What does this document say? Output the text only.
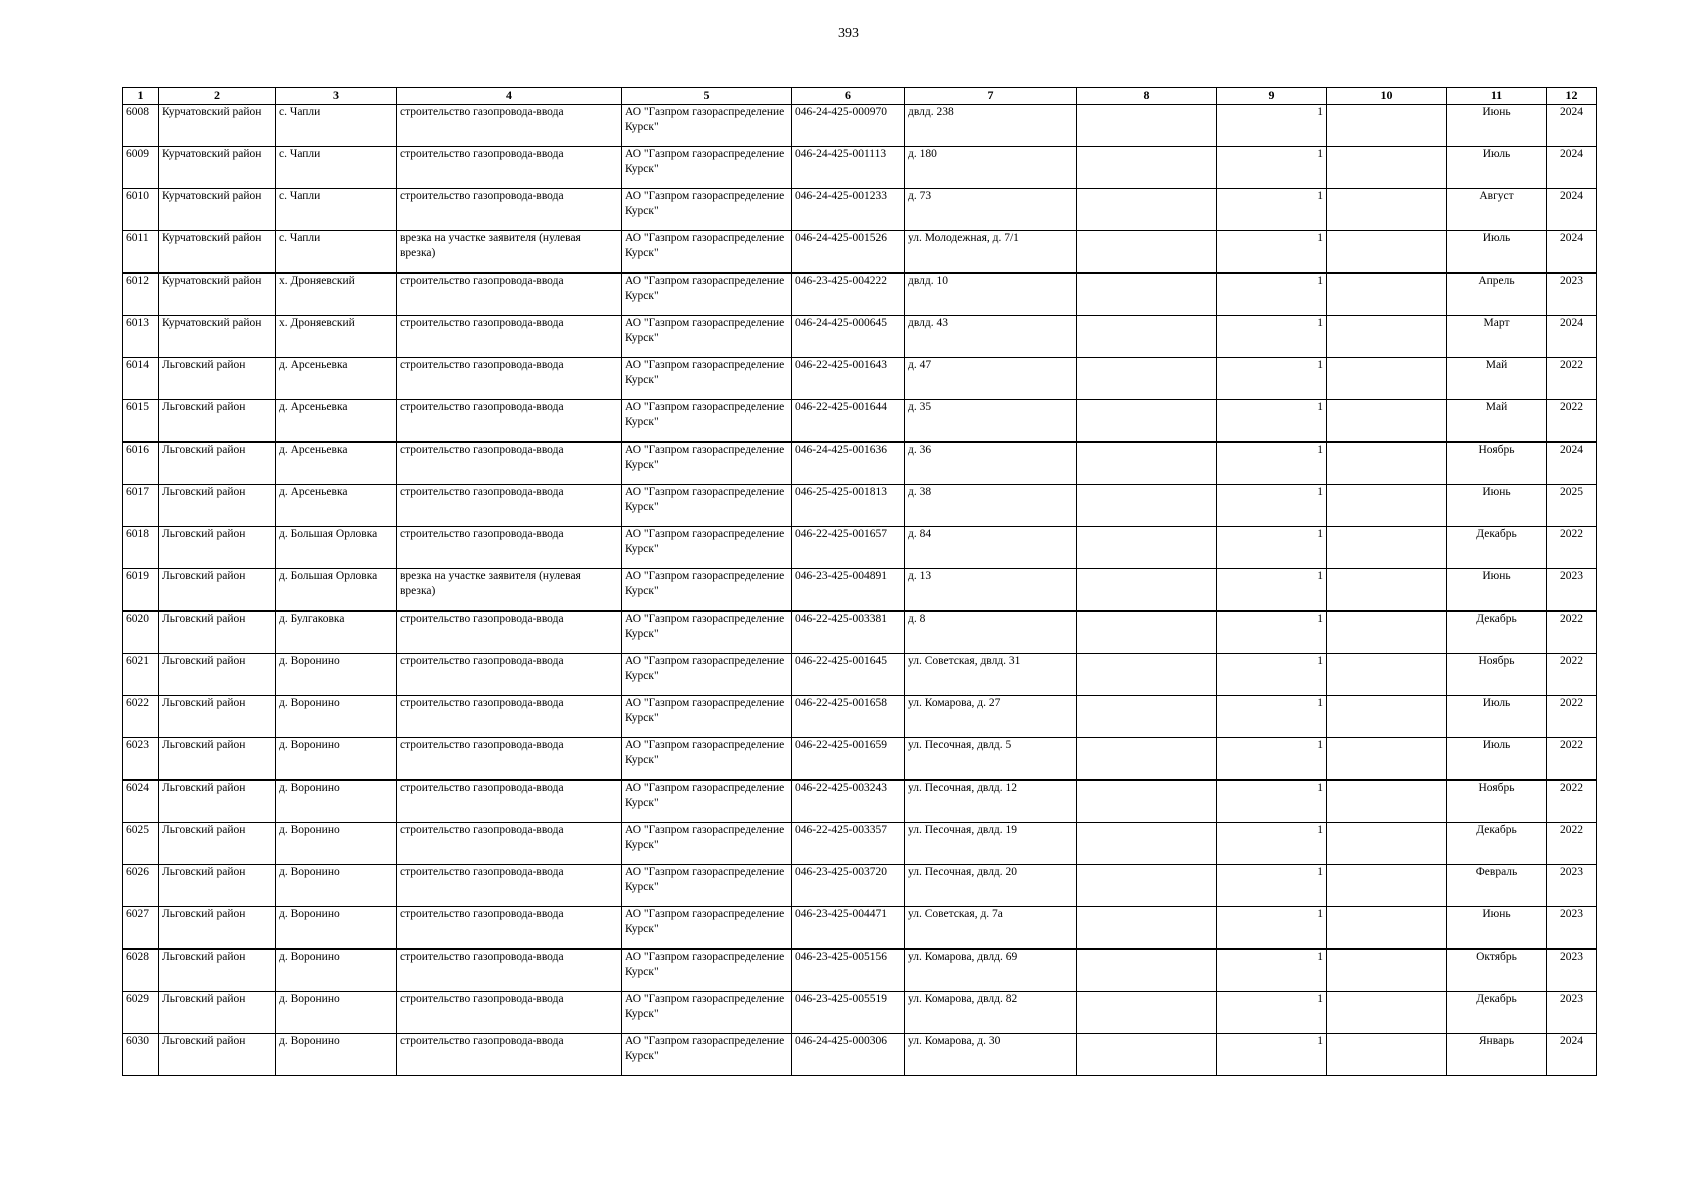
393
1	2	3	4	5	6	7	8	9	10	11	12
6008	Курчатовский район	с. Чапли	строительство газопровода-ввода	АО "Газпром газораспределение Курск"	046-24-425-000970	двлд. 238		1		Июнь	2024
6009	Курчатовский район	с. Чапли	строительство газопровода-ввода	АО "Газпром газораспределение Курск"	046-24-425-001113	д. 180		1		Июль	2024
6010	Курчатовский район	с. Чапли	строительство газопровода-ввода	АО "Газпром газораспределение Курск"	046-24-425-001233	д. 73		1		Август	2024
6011	Курчатовский район	с. Чапли	врезка на участке заявителя (нулевая врезка)	АО "Газпром газораспределение Курск"	046-24-425-001526	ул. Молодежная, д. 7/1		1		Июль	2024
6012	Курчатовский район	х. Дроняевский	строительство газопровода-ввода	АО "Газпром газораспределение Курск"	046-23-425-004222	двлд. 10		1		Апрель	2023
6013	Курчатовский район	х. Дроняевский	строительство газопровода-ввода	АО "Газпром газораспределение Курск"	046-24-425-000645	двлд. 43		1		Март	2024
6014	Льговский район	д. Арсеньевка	строительство газопровода-ввода	АО "Газпром газораспределение Курск"	046-22-425-001643	д. 47		1		Май	2022
6015	Льговский район	д. Арсеньевка	строительство газопровода-ввода	АО "Газпром газораспределение Курск"	046-22-425-001644	д. 35		1		Май	2022
6016	Льговский район	д. Арсеньевка	строительство газопровода-ввода	АО "Газпром газораспределение Курск"	046-24-425-001636	д. 36		1		Ноябрь	2024
6017	Льговский район	д. Арсеньевка	строительство газопровода-ввода	АО "Газпром газораспределение Курск"	046-25-425-001813	д. 38		1		Июнь	2025
6018	Льговский район	д. Большая Орловка	строительство газопровода-ввода	АО "Газпром газораспределение Курск"	046-22-425-001657	д. 84		1		Декабрь	2022
6019	Льговский район	д. Большая Орловка	врезка на участке заявителя (нулевая врезка)	АО "Газпром газораспределение Курск"	046-23-425-004891	д. 13		1		Июнь	2023
6020	Льговский район	д. Булгаковка	строительство газопровода-ввода	АО "Газпром газораспределение Курск"	046-22-425-003381	д. 8		1		Декабрь	2022
6021	Льговский район	д. Воронино	строительство газопровода-ввода	АО "Газпром газораспределение Курск"	046-22-425-001645	ул. Советская, двлд. 31		1		Ноябрь	2022
6022	Льговский район	д. Воронино	строительство газопровода-ввода	АО "Газпром газораспределение Курск"	046-22-425-001658	ул. Комарова, д. 27		1		Июль	2022
6023	Льговский район	д. Воронино	строительство газопровода-ввода	АО "Газпром газораспределение Курск"	046-22-425-001659	ул. Песочная, двлд. 5		1		Июль	2022
6024	Льговский район	д. Воронино	строительство газопровода-ввода	АО "Газпром газораспределение Курск"	046-22-425-003243	ул. Песочная, двлд. 12		1		Ноябрь	2022
6025	Льговский район	д. Воронино	строительство газопровода-ввода	АО "Газпром газораспределение Курск"	046-22-425-003357	ул. Песочная, двлд. 19		1		Декабрь	2022
6026	Льговский район	д. Воронино	строительство газопровода-ввода	АО "Газпром газораспределение Курск"	046-23-425-003720	ул. Песочная, двлд. 20		1		Февраль	2023
6027	Льговский район	д. Воронино	строительство газопровода-ввода	АО "Газпром газораспределение Курск"	046-23-425-004471	ул. Советская, д. 7а		1		Июнь	2023
6028	Льговский район	д. Воронино	строительство газопровода-ввода	АО "Газпром газораспределение Курск"	046-23-425-005156	ул. Комарова, двлд. 69		1		Октябрь	2023
6029	Льговский район	д. Воронино	строительство газопровода-ввода	АО "Газпром газораспределение Курск"	046-23-425-005519	ул. Комарова, двлд. 82		1		Декабрь	2023
6030	Льговский район	д. Воронино	строительство газопровода-ввода	АО "Газпром газораспределение Курск"	046-24-425-000306	ул. Комарова, д. 30		1		Январь	2024
